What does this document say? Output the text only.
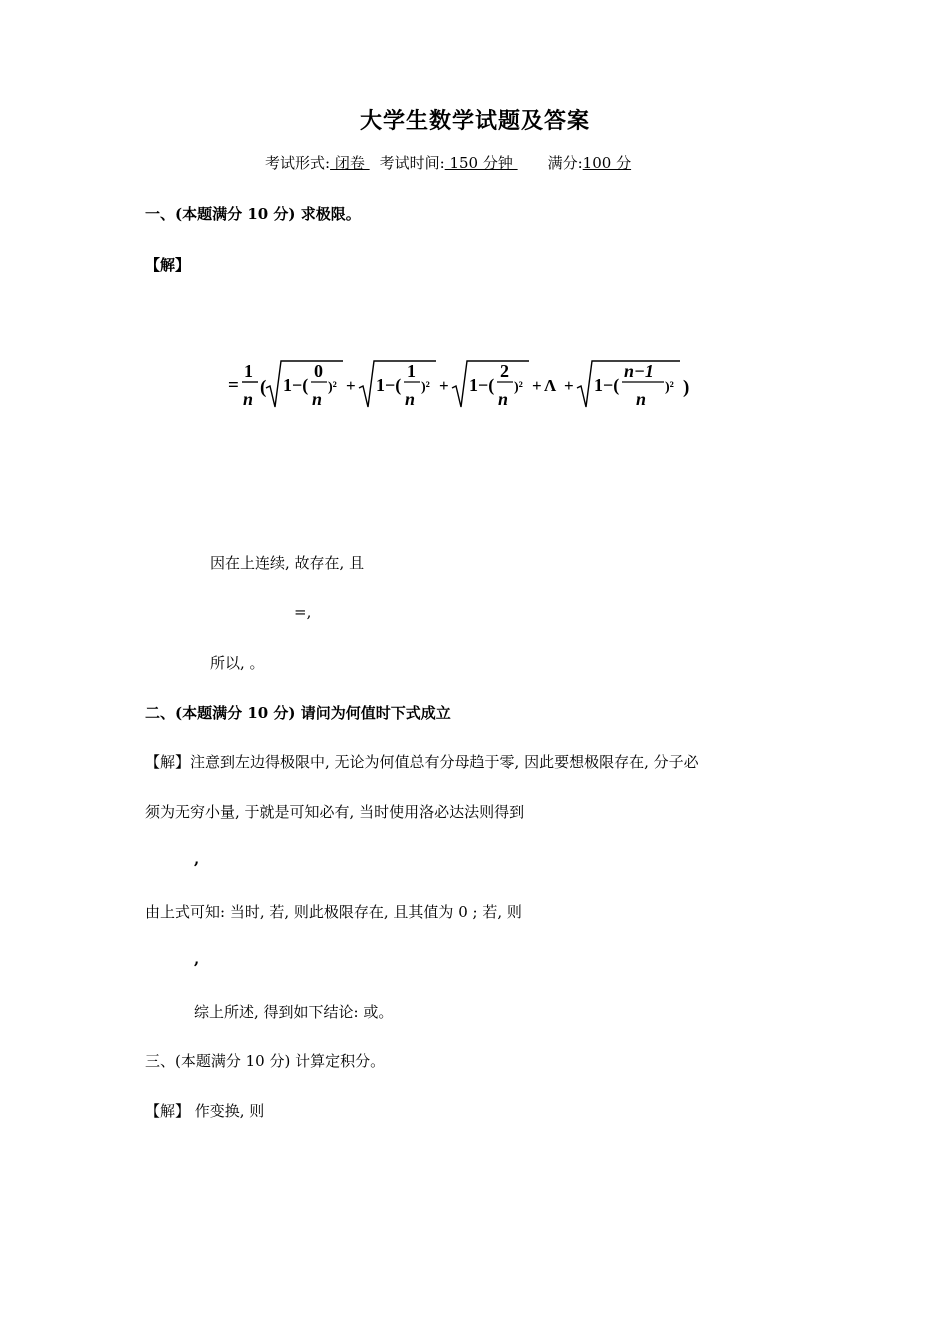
大学生数学试题及答案
考试形式: 闭卷 考试时间: 150 分钟 满分:100 分
一、(本题满分 10 分) 求极限。
【解】
=
1
n
( 1−(
0
n
)² + 1−(
1
n
)² + 1−(
2
n
)² + Λ + 1−(
n−1
n
)² )
因在上连续, 故存在, 且
=,
所以, 。
二、(本题满分 10 分) 请问为何值时下式成立
【解】注意到左边得极限中, 无论为何值总有分母趋于零, 因此要想极限存在, 分子必
须为无穷小量, 于就是可知必有, 当时使用洛必达法则得到
,
由上式可知: 当时, 若, 则此极限存在, 且其值为 0 ; 若, 则
,
综上所述, 得到如下结论: 或。
三、(本题满分 10 分) 计算定积分。
【解】 作变换, 则
